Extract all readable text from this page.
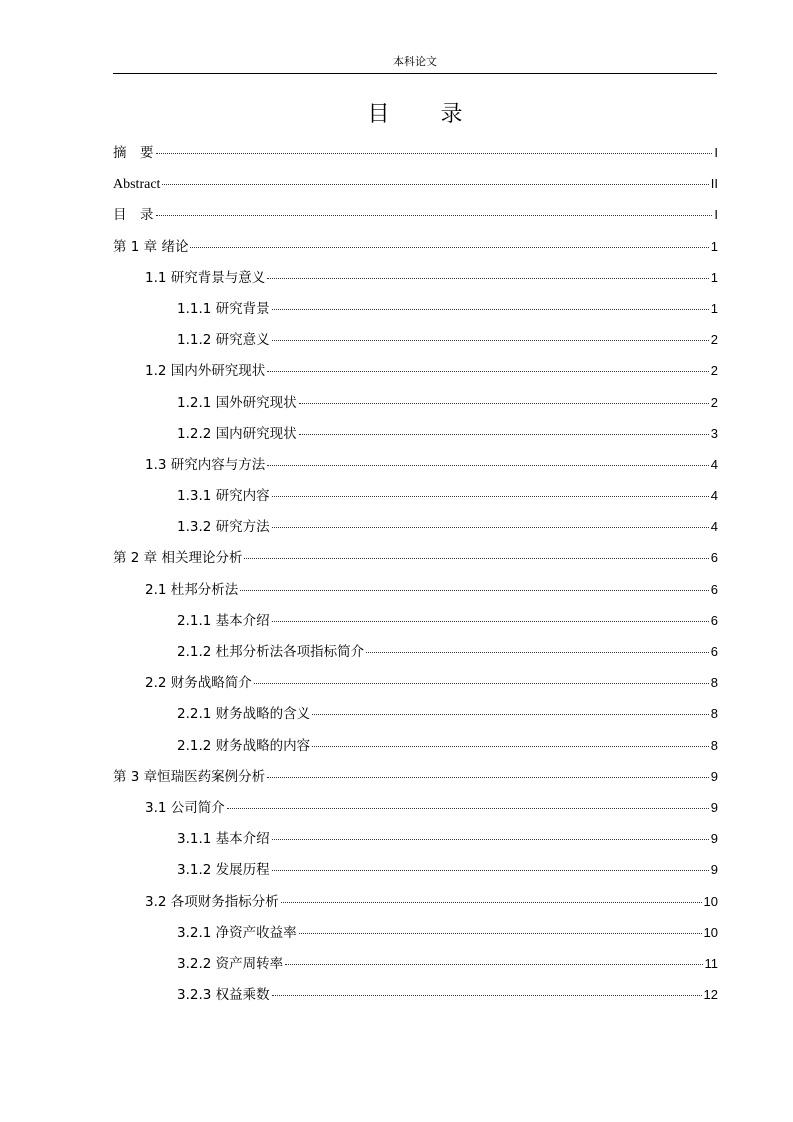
本科论文
目 录
摘　要	I
Abstract	II
目　录	I
第 1 章 绪论	1
1.1 研究背景与意义	1
1.1.1 研究背景	1
1.1.2 研究意义	2
1.2 国内外研究现状	2
1.2.1 国外研究现状	2
1.2.2 国内研究现状	3
1.3 研究内容与方法	4
1.3.1 研究内容	4
1.3.2 研究方法	4
第 2 章 相关理论分析	6
2.1 杜邦分析法	6
2.1.1 基本介绍	6
2.1.2 杜邦分析法各项指标简介	6
2.2 财务战略简介	8
2.2.1 财务战略的含义	8
2.1.2 财务战略的内容	8
第 3 章恒瑞医药案例分析	9
3.1 公司简介	9
3.1.1 基本介绍	9
3.1.2 发展历程	9
3.2 各项财务指标分析	10
3.2.1 净资产收益率	10
3.2.2 资产周转率	11
3.2.3 权益乘数	12
